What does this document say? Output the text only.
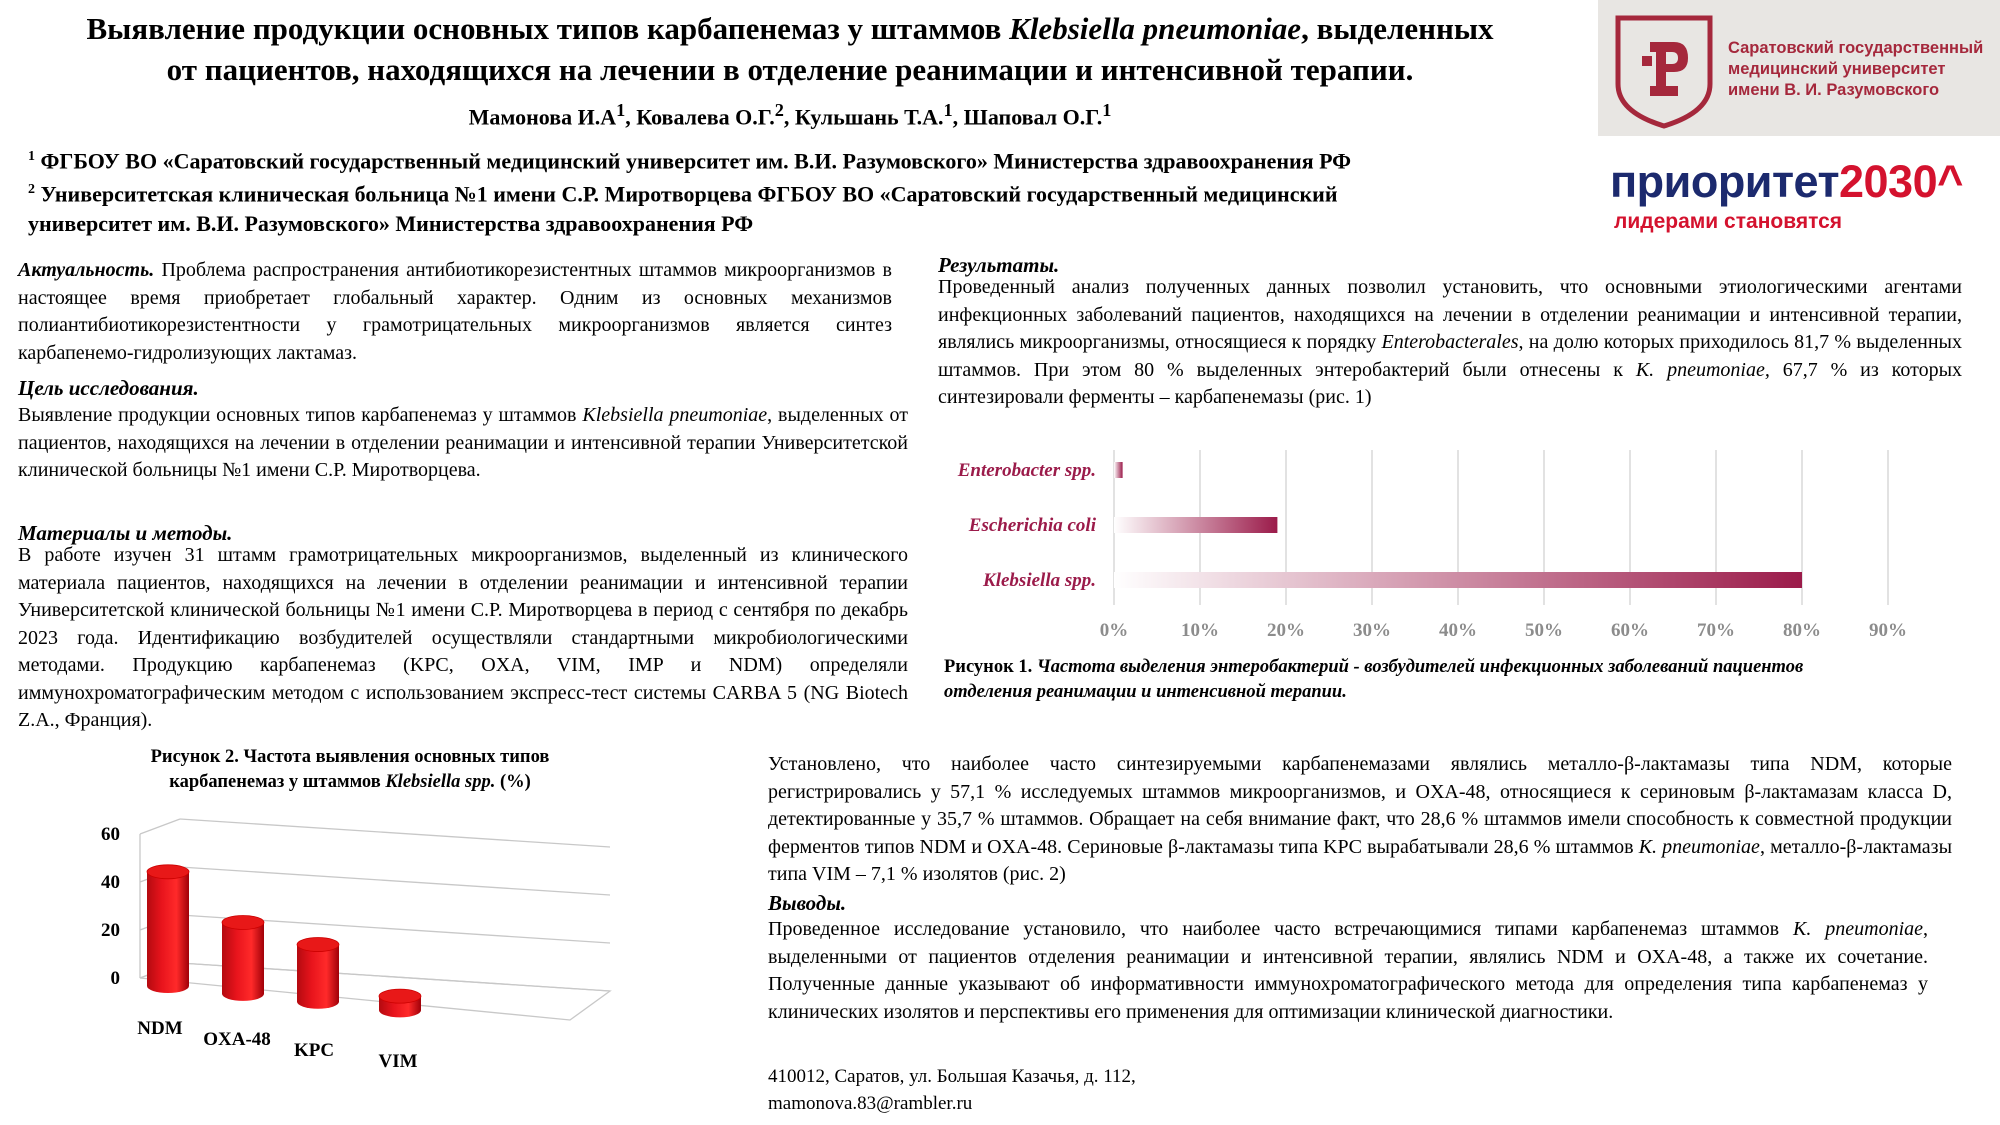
Выявление продукции основных типов карбапенемаз у штаммов Klebsiella pneumoniae, выделенных
от пациентов, находящихся на лечении в отделение реанимации и интенсивной терапии.
Мамонова $И.А^1$, Ковалева О.Г.$^2$, Кульшань Т.А.$^1$, Шаповал О.Г.$^1$
$^1$ ФГБОУ ВО «Саратовский государственный медицинский университет им. В.И. Разумовского» Министерства здравоохранения РФ
$^2$ Университетская клиническая больница №1 имени С.Р. Миротворцева ФГБОУ ВО «Саратовский государственный медицинский
университет им. В.И. Разумовского» Министерства здравоохранения РФ
Саратовский государственный
медицинский университет
имени В. И. Разумовского
приоритет2030^
лидерами становятся
Актуальность. Проблема распространения антибиотикорезистентных штаммов микроорганизмов в настоящее время приобретает глобальный характер. Одним из основных механизмов полиантибиотикорезистентности у грамотрицательных микроорганизмов является синтез карбапенемо-гидролизующих лактамаз.
Цель исследования.
Выявление продукции основных типов карбапенемаз у штаммов Klebsiella pneumoniae, выделенных от пациентов, находящихся на лечении в отделении реанимации и интенсивной терапии Университетской клинической больницы №1 имени С.Р. Миротворцева.
Материалы и методы.
В работе изучен 31 штамм грамотрицательных микроорганизмов, выделенный из клинического материала пациентов, находящихся на лечении в отделении реанимации и интенсивной терапии Университетской клинической больницы №1 имени С.Р. Миротворцева в период с сентября по декабрь 2023 года. Идентификацию возбудителей осуществляли стандартными микробиологическими методами. Продукцию карбапенемаз (KPC, OXA, VIM, IMP и NDM) определяли иммунохроматографическим методом с использованием экспресс-тест системы CARBA 5 (NG Biotech Z.A., Франция).
Рисунок 2. Частота выявления основных типов
карбапенемаз у штаммов Klebsiella spp. (%)
0
20
40
60
NDM
OXA-48
KPC
VIM
Результаты.
Проведенный анализ полученных данных позволил установить, что основными этиологическими агентами инфекционных заболеваний пациентов, находящихся на лечении в отделении реанимации и интенсивной терапии, являлись микроорганизмы, относящиеся к порядку Enterobacterales, на долю которых приходилось 81,7 % выделенных штаммов. При этом 80 % выделенных энтеробактерий были отнесены к K. pneumoniae, 67,7 % из которых синтезировали ферменты – карбапенемазы (рис. 1)
0%	10%	20%	30%	40%	50%	60%	70%	80%	90%
Enterobacter spp.
Escherichia coli
Klebsiella spp.
Рисунок 1. Частота выделения энтеробактерий - возбудителей инфекционных заболеваний пациентов отделения реанимации и интенсивной терапии.
Установлено, что наиболее часто синтезируемыми карбапенемазами являлись металло-β-лактамазы типа NDM, которые регистрировались у 57,1 % исследуемых штаммов микроорганизмов, и OXA-48, относящиеся к сериновым β-лактамазам класса D, детектированные у 35,7 % штаммов. Обращает на себя внимание факт, что 28,6 % штаммов имели способность к совместной продукции ферментов типов NDM и OXA-48. Сериновые β-лактамазы типа KPC вырабатывали 28,6 % штаммов K. pneumoniae, металло-β-лактамазы типа VIM – 7,1 % изолятов (рис. 2)
Выводы.
Проведенное исследование установило, что наиболее часто встречающимися типами карбапенемаз штаммов K. pneumoniae, выделенными от пациентов отделения реанимации и интенсивной терапии, являлись NDM и OXA-48, а также их сочетание. Полученные данные указывают об информативности иммунохроматографического метода для определения типа карбапенемаз у клинических изолятов и перспективы его применения для оптимизации клинической диагностики.
410012, Саратов, ул. Большая Казачья, д. 112,
mamonova.83@rambler.ru
